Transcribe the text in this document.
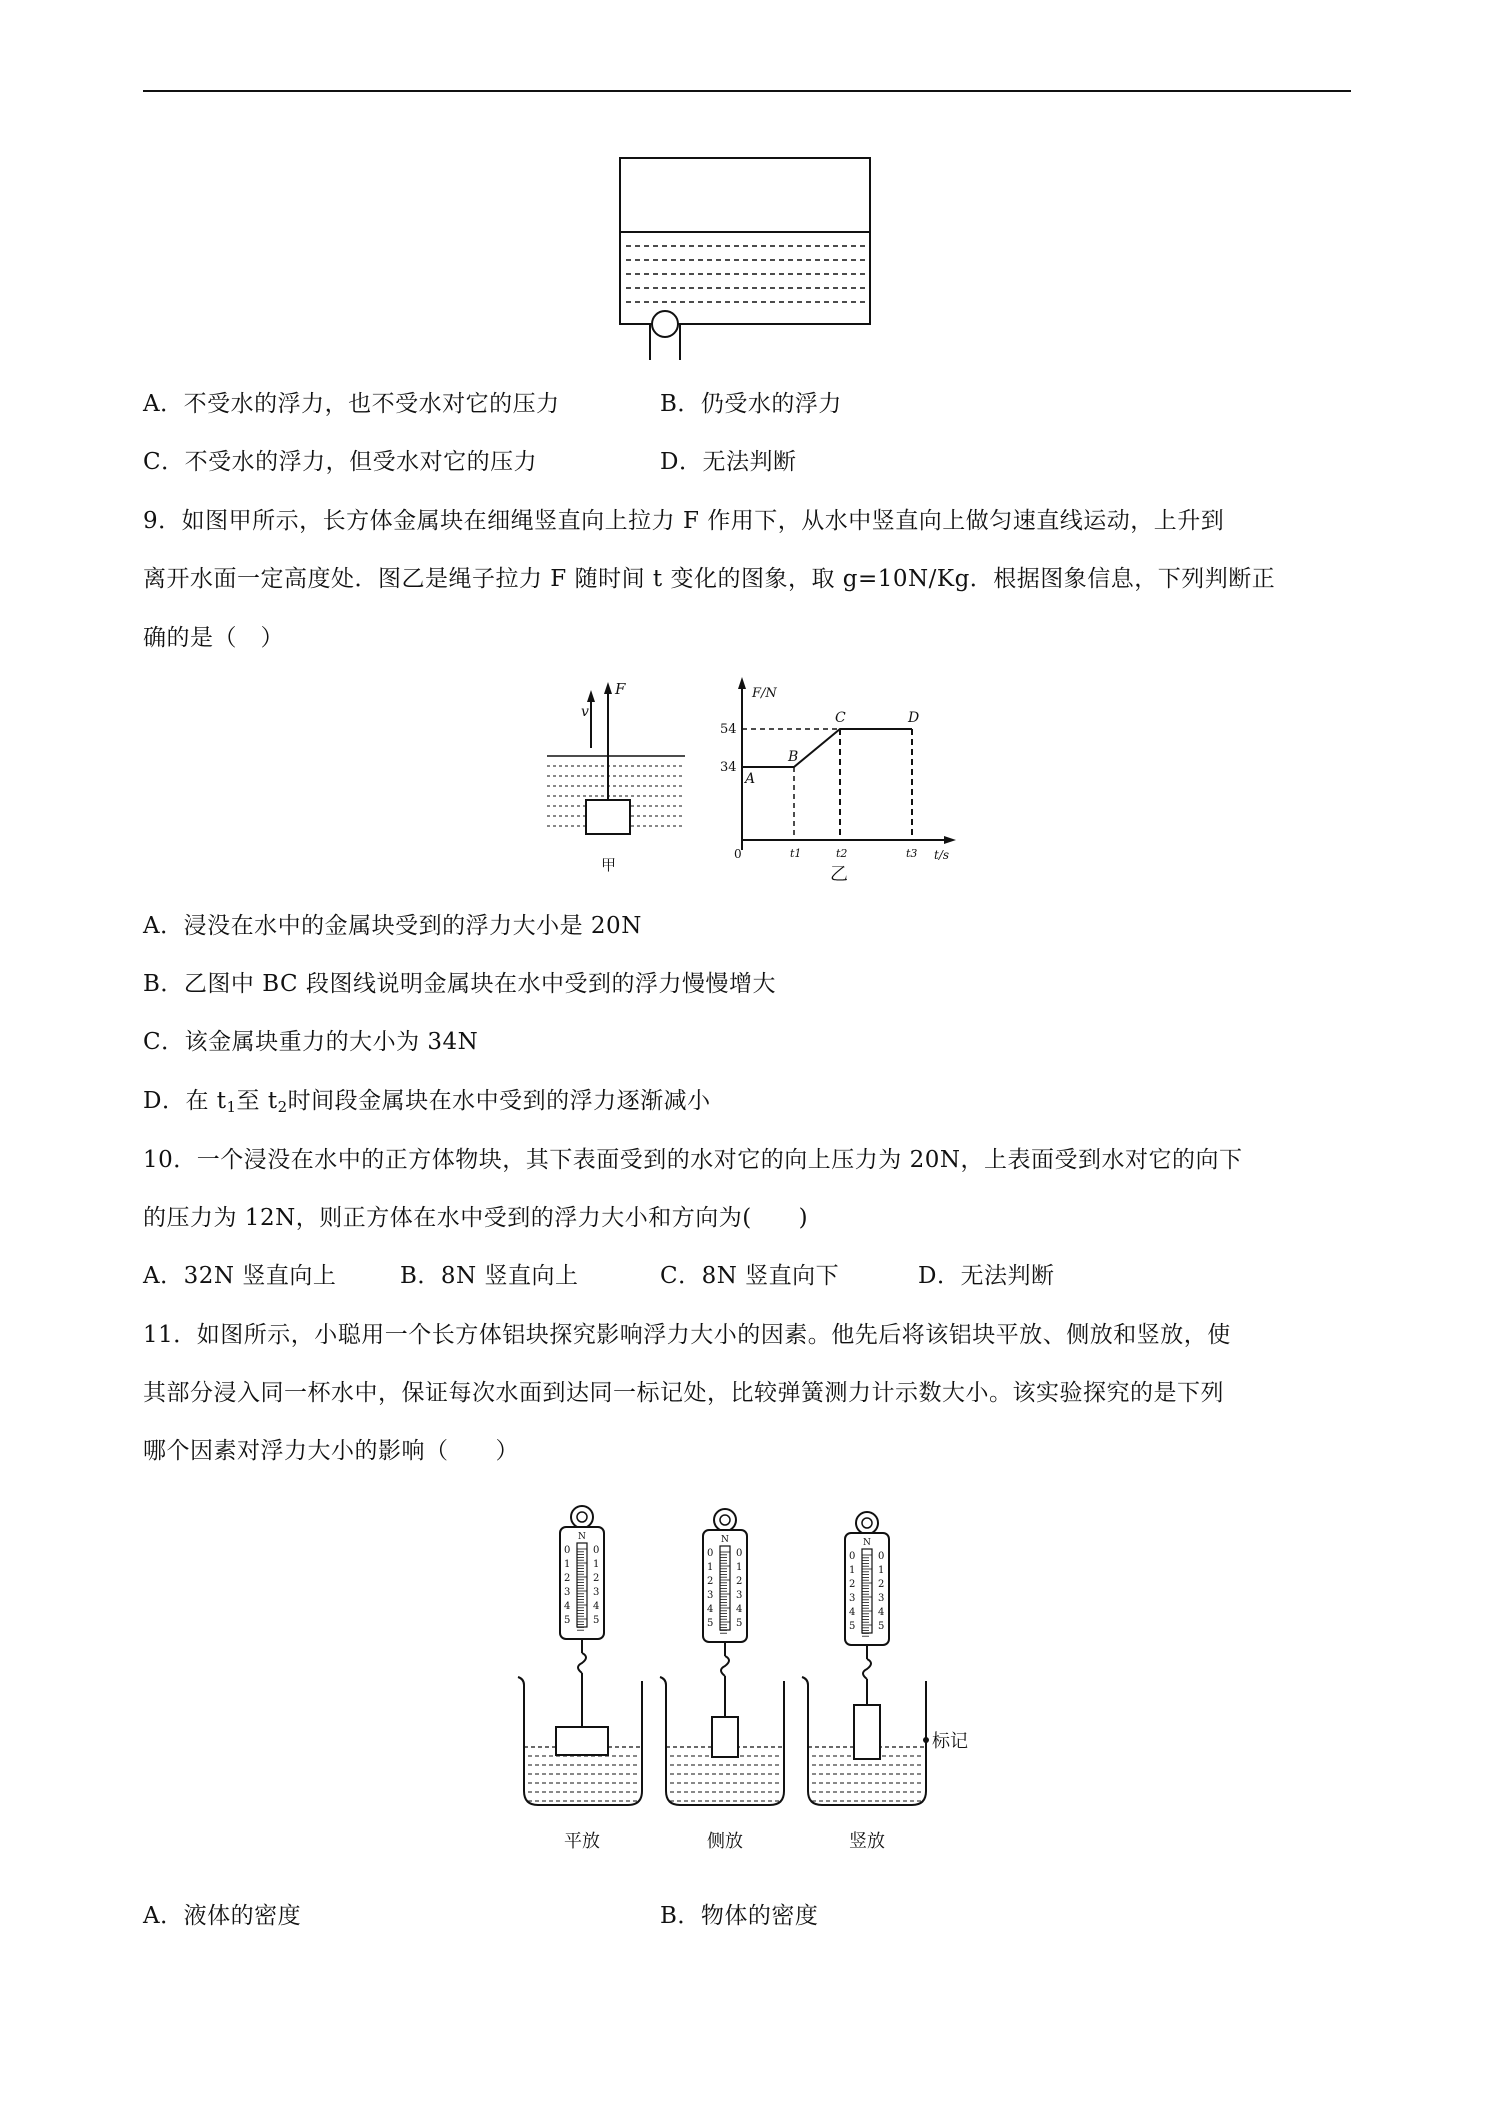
A．不受水的浮力，也不受水对它的压力	B．仍受水的浮力
C．不受水的浮力，但受水对它的压力	D．无法判断
9．如图甲所示，长方体金属块在细绳竖直向上拉力 F 作用下，从水中竖直向上做匀速直线运动，上升到
离开水面一定高度处．图乙是绳子拉力 F 随时间 t 变化的图象，取 g=10N/Kg．根据图象信息，下列判断正
确的是（　）
v
F
甲
F/N
t/s
0
54
34
A
B
C	D
t1	t2	t3
乙
A．浸没在水中的金属块受到的浮力大小是 20N
B．乙图中 BC 段图线说明金属块在水中受到的浮力慢慢增大
C．该金属块重力的大小为 34N
D．在 $t_1$至 $t_2$时间段金属块在水中受到的浮力逐渐减小
10．一个浸没在水中的正方体物块，其下表面受到的水对它的向上压力为 20N，上表面受到水对它的向下
的压力为 12N，则正方体在水中受到的浮力大小和方向为(　　)
A．32N 竖直向上	B．8N 竖直向上	C．8N 竖直向下	D．无法判断
11．如图所示，小聪用一个长方体铝块探究影响浮力大小的因素。他先后将该铝块平放、侧放和竖放，使
其部分浸入同一杯水中，保证每次水面到达同一标记处，比较弹簧测力计示数大小。该实验探究的是下列
哪个因素对浮力大小的影响（　　）
N
0 0
1 1
2 2
3 3
4 4
5 5
平放
N
0 0
1 1
2 2
3 3
4 4
5 5
侧放
N
0 0
1 1
2 2
3 3
4 4
5 5
竖放
标记
A．液体的密度	B．物体的密度
